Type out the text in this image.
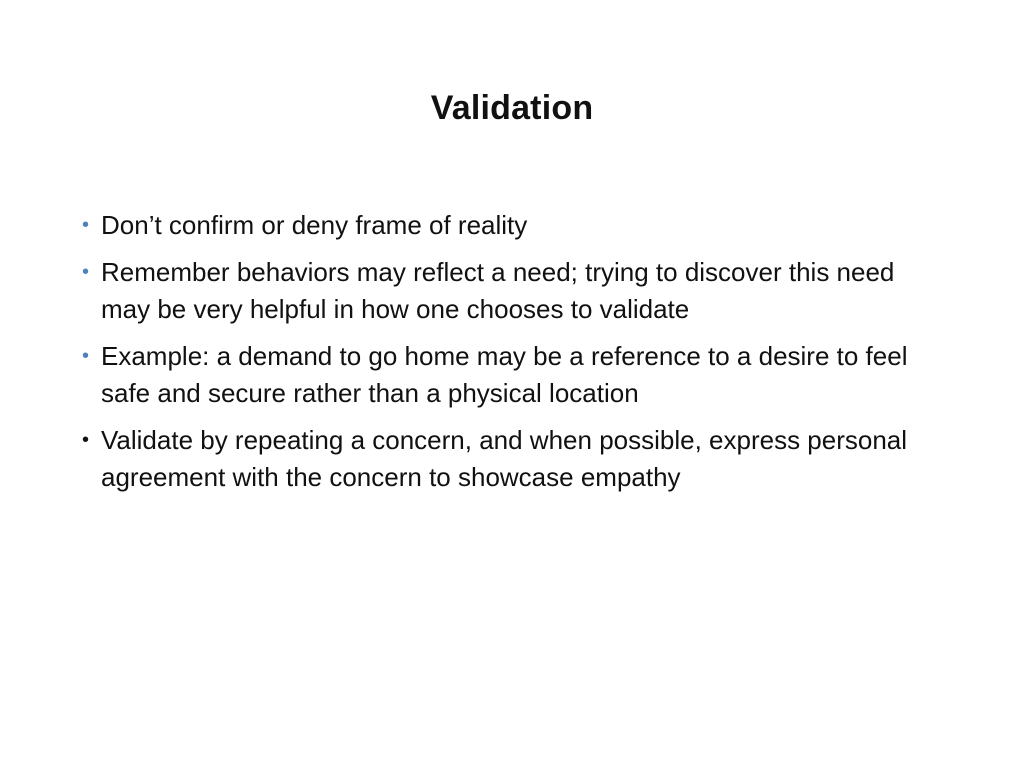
Validation
• Don’t confirm or deny frame of reality
• Remember behaviors may reflect a need; trying to discover this need may be very helpful in how one chooses to validate
• Example: a demand to go home may be a reference to a desire to feel safe and secure rather than a physical location
• Validate by repeating a concern, and when possible, express personal agreement with the concern to showcase empathy
